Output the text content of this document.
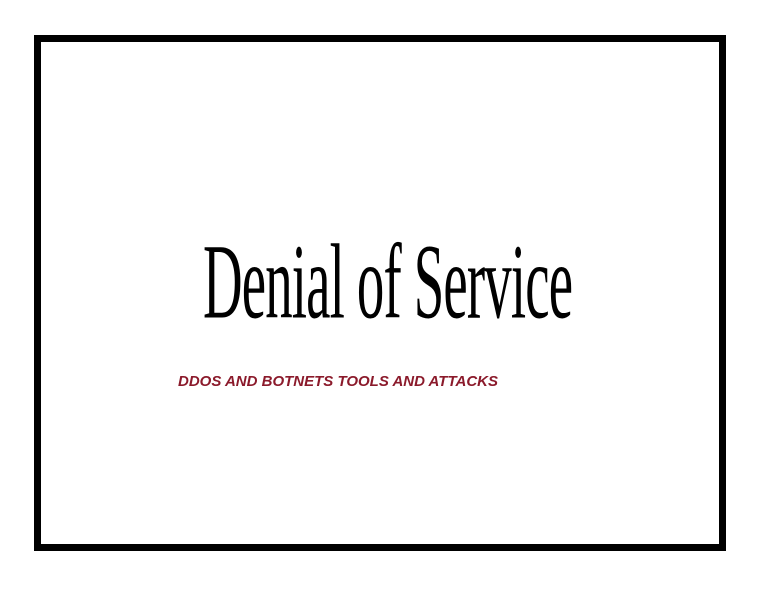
Denial of Service

DDOS AND BOTNETS TOOLS AND ATTACKS
